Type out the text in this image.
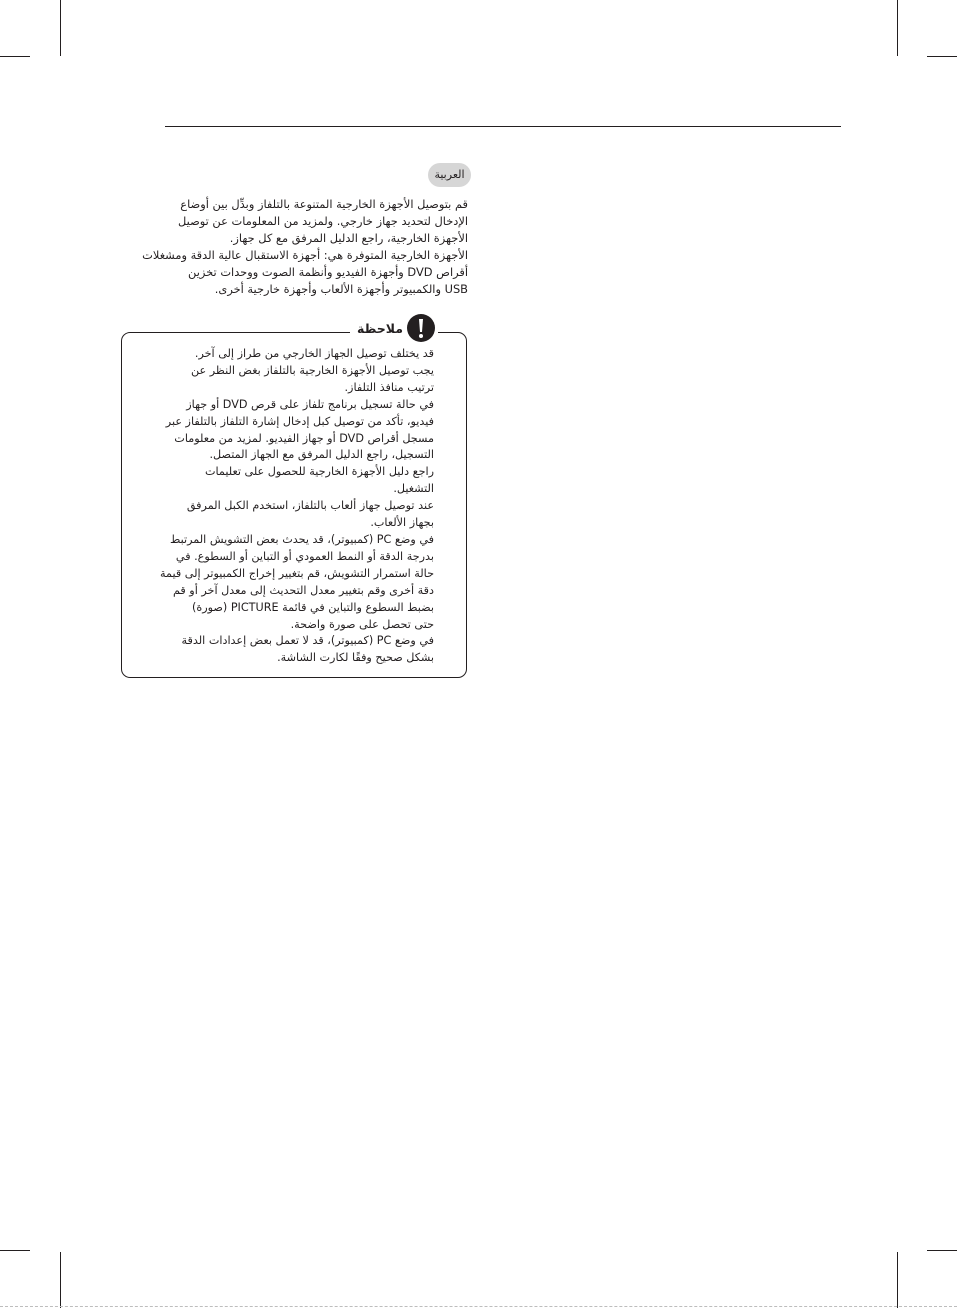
العربية

قم بتوصيل الأجهزة الخارجية المتنوعة بالتلفاز وبدِّل بين أوضاع

الإدخال لتحديد جهاز خارجي. ولمزيد من المعلومات عن توصيل

الأجهزة الخارجية، راجع الدليل المرفق مع كل جهاز.

الأجهزة الخارجية المتوفرة هي: أجهزة الاستقبال عالية الدقة ومشغلات

أقراص DVD وأجهزة الفيديو وأنظمة الصوت ووحدات تخزين

USB والكمبيوتر وأجهزة الألعاب وأجهزة خارجية أخرى.

ملاحظة

قد يختلف توصيل الجهاز الخارجي من طراز إلى آخر.

يجب توصيل الأجهزة الخارجية بالتلفاز بغض النظر عن

ترتيب منافذ التلفاز.

في حالة تسجيل برنامج تلفاز على قرص DVD أو جهاز

فيديو، تأكد من توصيل كبل إدخال إشارة التلفاز بالتلفاز عبر

مسجل أقراص DVD أو جهاز الفيديو. لمزيد من معلومات

التسجيل، راجع الدليل المرفق مع الجهاز المتصل.

راجع دليل الأجهزة الخارجية للحصول على تعليمات

التشغيل.

عند توصيل جهاز ألعاب بالتلفاز، استخدم الكبل المرفق

بجهاز الألعاب.

في وضع PC (كمبيوتر)، قد يحدث بعض التشويش المرتبط

بدرجة الدقة أو النمط العمودي أو التباين أو السطوع. في

حالة استمرار التشويش، قم بتغيير إخراج الكمبيوتر إلى قيمة

دقة أخرى وقم بتغيير معدل التحديث إلى معدل آخر أو قم

بضبط السطوع والتباين في قائمة PICTURE (صورة)

حتى تحصل على صورة واضحة.

في وضع PC (كمبيوتر)، قد لا تعمل بعض إعدادات الدقة

بشكل صحيح وفقًا لكارت الشاشة.
